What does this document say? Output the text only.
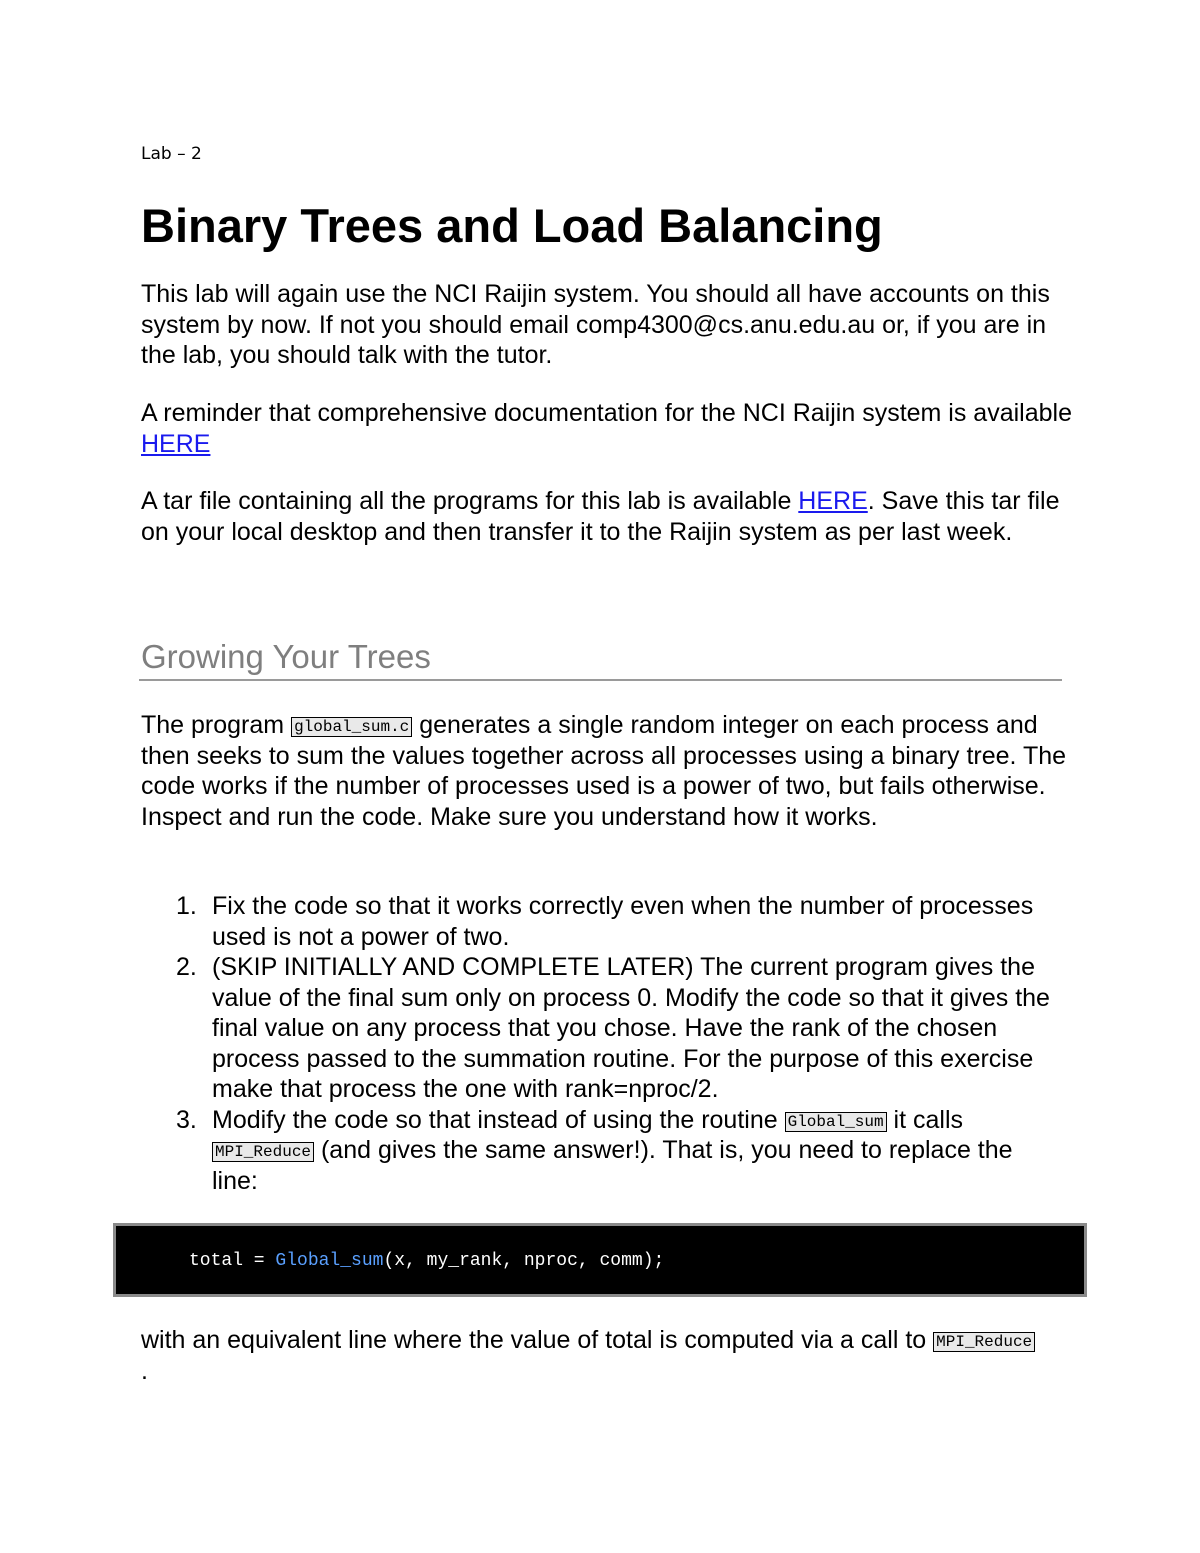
Lab – 2
Binary Trees and Load Balancing

This lab will again use the NCI Raijin system. You should all have accounts on this system by now. If not you should email comp4300@cs.anu.edu.au or, if you are in the lab, you should talk with the tutor.

A reminder that comprehensive documentation for the NCI Raijin system is available HERE

A tar file containing all the programs for this lab is available HERE. Save this tar file on your local desktop and then transfer it to the Raijin system as per last week.

Growing Your Trees

The program global_sum.c generates a single random integer on each process and then seeks to sum the values together across all processes using a binary tree. The code works if the number of processes used is a power of two, but fails otherwise. Inspect and run the code. Make sure you understand how it works.

1. Fix the code so that it works correctly even when the number of processes used is not a power of two.
2. (SKIP INITIALLY AND COMPLETE LATER) The current program gives the value of the final sum only on process 0. Modify the code so that it gives the final value on any process that you chose. Have the rank of the chosen process passed to the summation routine. For the purpose of this exercise make that process the one with rank=nproc/2.
3. Modify the code so that instead of using the routine Global_sum it calls MPI_Reduce (and gives the same answer!). That is, you need to replace the line:
total = Global_sum(x, my_rank, nproc, comm);

with an equivalent line where the value of total is computed via a call to MPI_Reduce.
